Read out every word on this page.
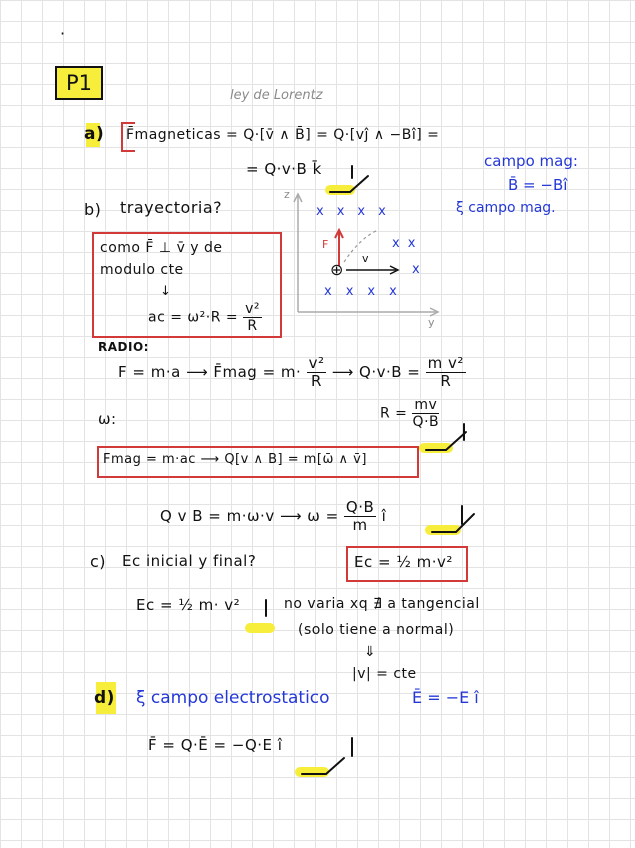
·
P1
a)
ley de Lorentz
F̄magneticas = Q·[v̄ ∧ B̄] = Q·[vĵ ∧ −Bî] =
= Q·v·B k̄	campo mag:
B̄ = −Bî
ξ campo mag.
b) trayectoria?
como F̄ ⊥ v̄ y de
modulo cte
↓
ac = $\omega^2\cdot R = \frac{\text{v²}}{R}$
z
y
F
v
⊕
xxxx
xx
x
xxxx
RADIO:
F = m·a ⟶ F̄mag = $m\cdot \frac{\text{v²}}{R}$ ⟶ $Q\cdot v\cdot B = \frac{\text{m v²}}{R}$
$R = \frac{mv}{Q\cdot B}$
ω:
Fmag = m·ac ⟶ Q[v ∧ B] = m[ω̄ ∧ v̄]
Q v B = m·ω·v ⟶ $\omega = \frac{Q\cdot B}{m}$ î
c) Ec inicial y final?	Ec = ½ m·v²
Ec = ½ m· v²	no varia xq ∄ a tangencial
(solo tiene a normal)
⇓
|v| = cte
d) ξ campo electrostatico	Ē = −E î
F̄ = Q·Ē = −Q·E î
